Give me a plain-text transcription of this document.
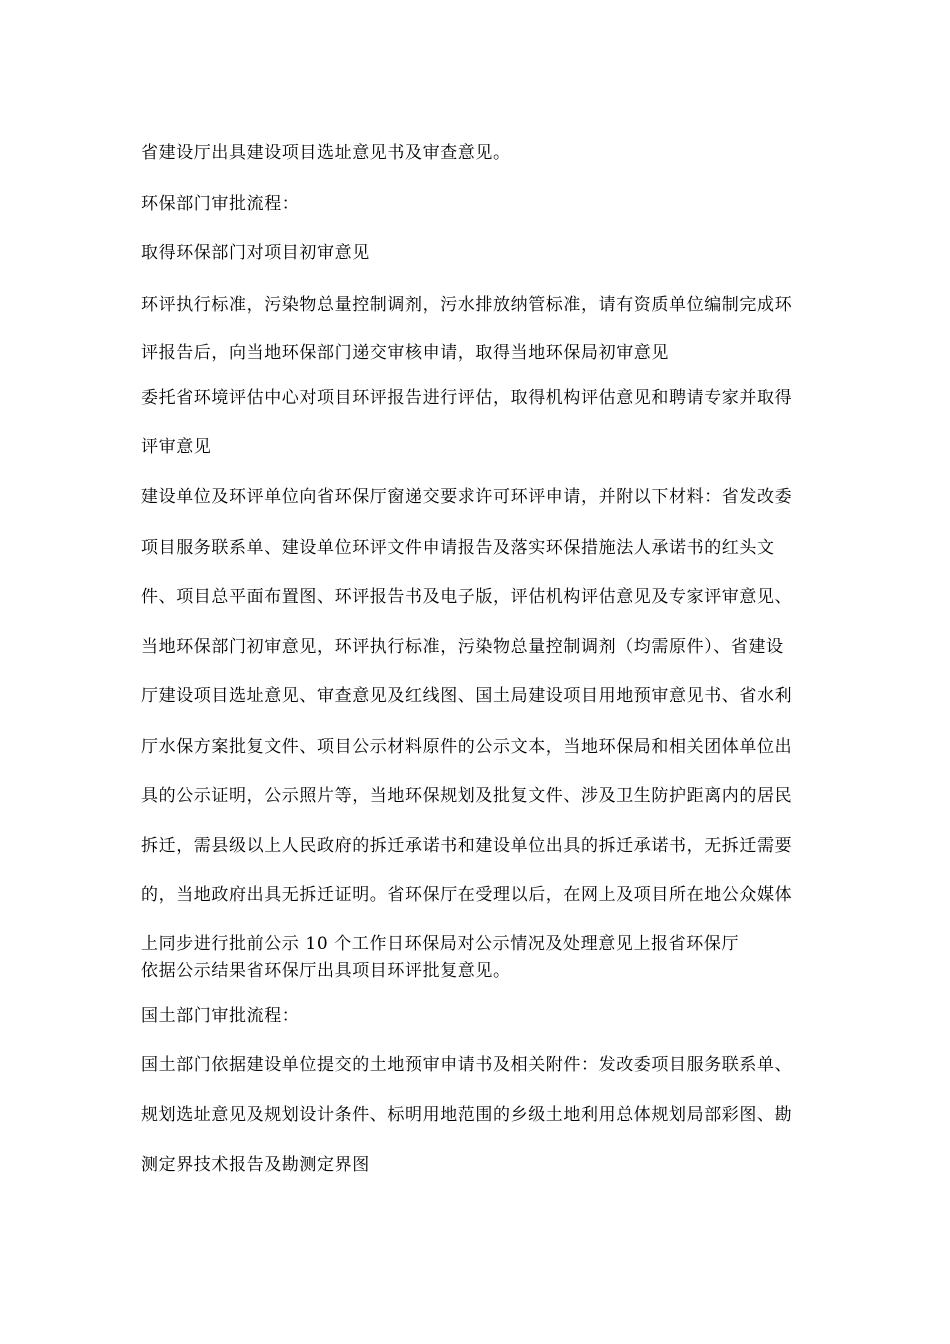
省建设厅出具建设项目选址意见书及审查意见。
环保部门审批流程：
取得环保部门对项目初审意见
环评执行标准，污染物总量控制调剂，污水排放纳管标准，请有资质单位编制完成环
评报告后，向当地环保部门递交审核申请，取得当地环保局初审意见
委托省环境评估中心对项目环评报告进行评估，取得机构评估意见和聘请专家并取得
评审意见
建设单位及环评单位向省环保厅窗递交要求许可环评申请，并附以下材料：省发改委
项目服务联系单、建设单位环评文件申请报告及落实环保措施法人承诺书的红头文
件、项目总平面布置图、环评报告书及电子版，评估机构评估意见及专家评审意见、
当地环保部门初审意见，环评执行标准，污染物总量控制调剂（均需原件）、省建设
厅建设项目选址意见、审查意见及红线图、国土局建设项目用地预审意见书、省水利
厅水保方案批复文件、项目公示材料原件的公示文本，当地环保局和相关团体单位出
具的公示证明，公示照片等，当地环保规划及批复文件、涉及卫生防护距离内的居民
拆迁，需县级以上人民政府的拆迁承诺书和建设单位出具的拆迁承诺书，无拆迁需要
的，当地政府出具无拆迁证明。省环保厅在受理以后，在网上及项目所在地公众媒体
上同步进行批前公示 10 个工作日环保局对公示情况及处理意见上报省环保厅
依据公示结果省环保厅出具项目环评批复意见。
国土部门审批流程：
国土部门依据建设单位提交的土地预审申请书及相关附件：发改委项目服务联系单、
规划选址意见及规划设计条件、标明用地范围的乡级土地利用总体规划局部彩图、勘
测定界技术报告及勘测定界图
